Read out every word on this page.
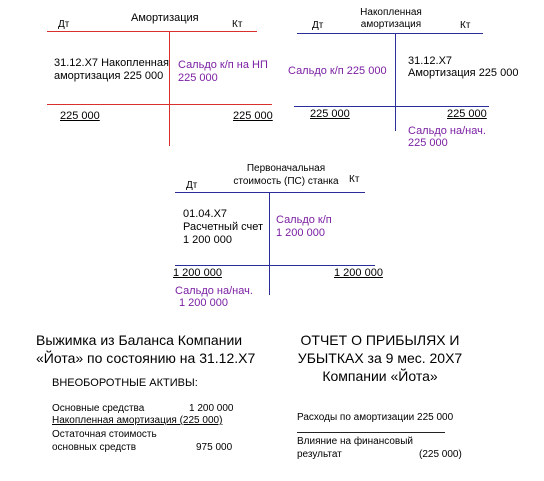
Амортизация
Дт	Кт
31.12.Х7 Накопленная
амортизация 225 000
Сальдо к/п на НП
225 000
225 000	225 000
Накопленная
амортизация
Дт	Кт
Сальдо к/п 225 000
31.12.Х7
Амортизация 225 000
225 000	225 000
Сальдо на/нач.
225 000
Первоначальная
стоимость (ПС) станка
Дт
Кт
01.04.Х7
Расчетный счет
1 200 000
Сальдо к/п
1 200 000
1 200 000	1 200 000
Сальдо на/нач.
1 200 000
Выжимка из Баланса Компании
«Йота» по состоянию на 31.12.Х7
ВНЕОБОРОТНЫЕ АКТИВЫ:
Основные средства	1 200 000
Накопленная амортизация (225 000)
Остаточная стоимость
основных средств	975 000
ОТЧЕТ О ПРИБЫЛЯХ И
УБЫТКАХ за 9 мес. 20Х7
Компании «Йота»
Расходы по амортизации 225 000
Влияние на финансовый
результат	(225 000)
